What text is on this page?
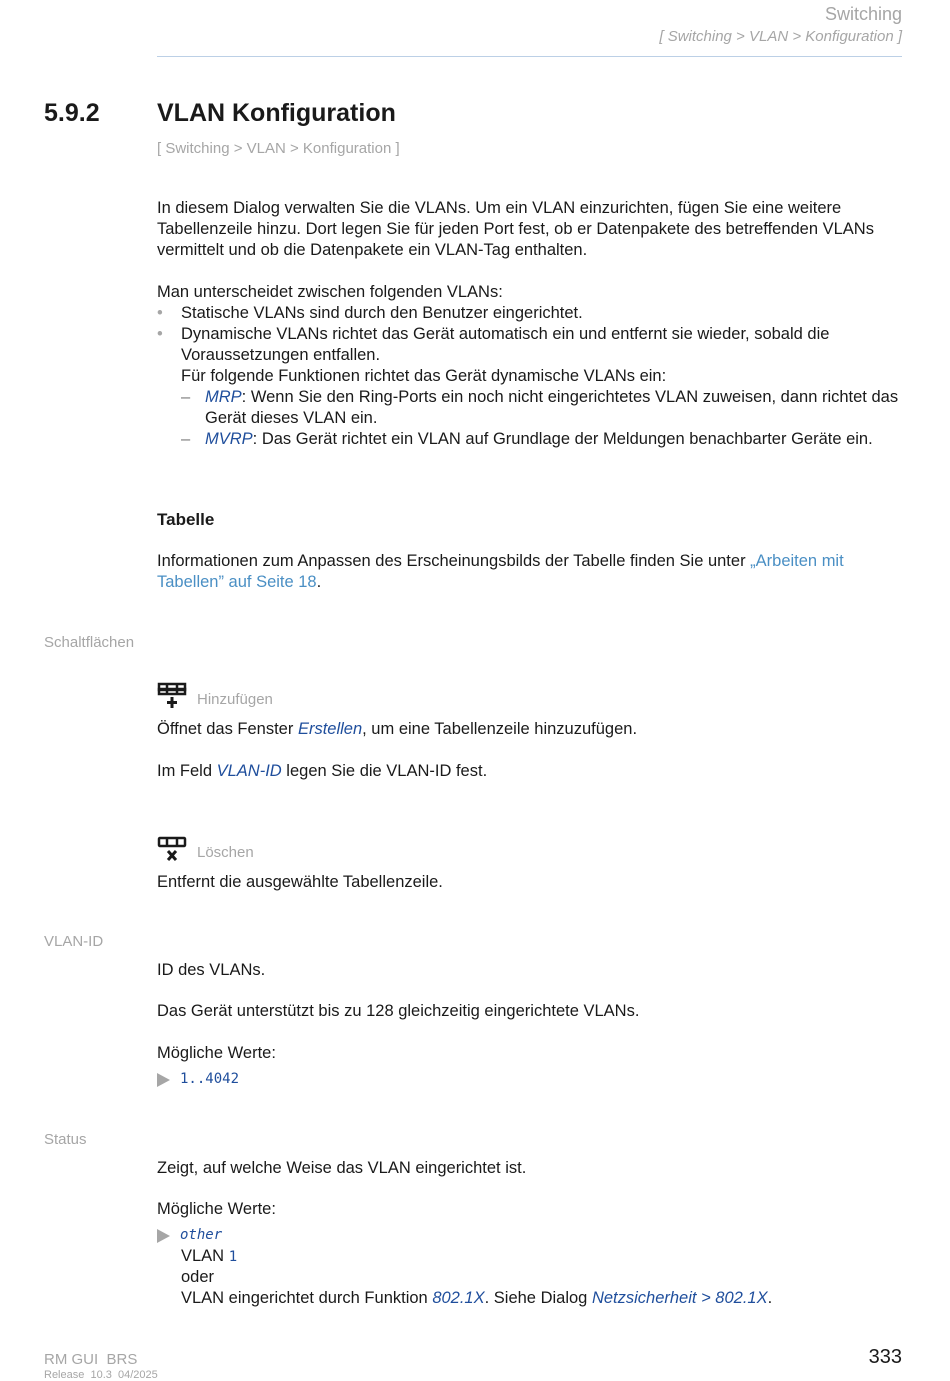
Switching
[ Switching > VLAN > Konfiguration ]
5.9.2 VLAN Konfiguration
[ Switching > VLAN > Konfiguration ]
In diesem Dialog verwalten Sie die VLANs. Um ein VLAN einzurichten, fügen Sie eine weitere Tabellenzeile hinzu. Dort legen Sie für jeden Port fest, ob er Datenpakete des betreffenden VLANs vermittelt und ob die Datenpakete ein VLAN-Tag enthalten.
Man unterscheidet zwischen folgenden VLANs:
• Statische VLANs sind durch den Benutzer eingerichtet.
• Dynamische VLANs richtet das Gerät automatisch ein und entfernt sie wieder, sobald die Voraussetzungen entfallen.
Für folgende Funktionen richtet das Gerät dynamische VLANs ein:
– MRP: Wenn Sie den Ring-Ports ein noch nicht eingerichtetes VLAN zuweisen, dann richtet das Gerät dieses VLAN ein.
– MVRP: Das Gerät richtet ein VLAN auf Grundlage der Meldungen benachbarter Geräte ein.
Tabelle
Informationen zum Anpassen des Erscheinungsbilds der Tabelle finden Sie unter „Arbeiten mit Tabellen” auf Seite 18.
Schaltflächen
Hinzufügen
Öffnet das Fenster Erstellen, um eine Tabellenzeile hinzuzufügen.
Im Feld VLAN-ID legen Sie die VLAN-ID fest.
Löschen
Entfernt die ausgewählte Tabellenzeile.
VLAN-ID
ID des VLANs.
Das Gerät unterstützt bis zu 128 gleichzeitig eingerichtete VLANs.
Mögliche Werte:
1..4042
Status
Zeigt, auf welche Weise das VLAN eingerichtet ist.
Mögliche Werte:
other
VLAN 1
oder
VLAN eingerichtet durch Funktion 802.1X. Siehe Dialog Netzsicherheit > 802.1X.
RM GUI  BRS
Release  10.3  04/2025
333
